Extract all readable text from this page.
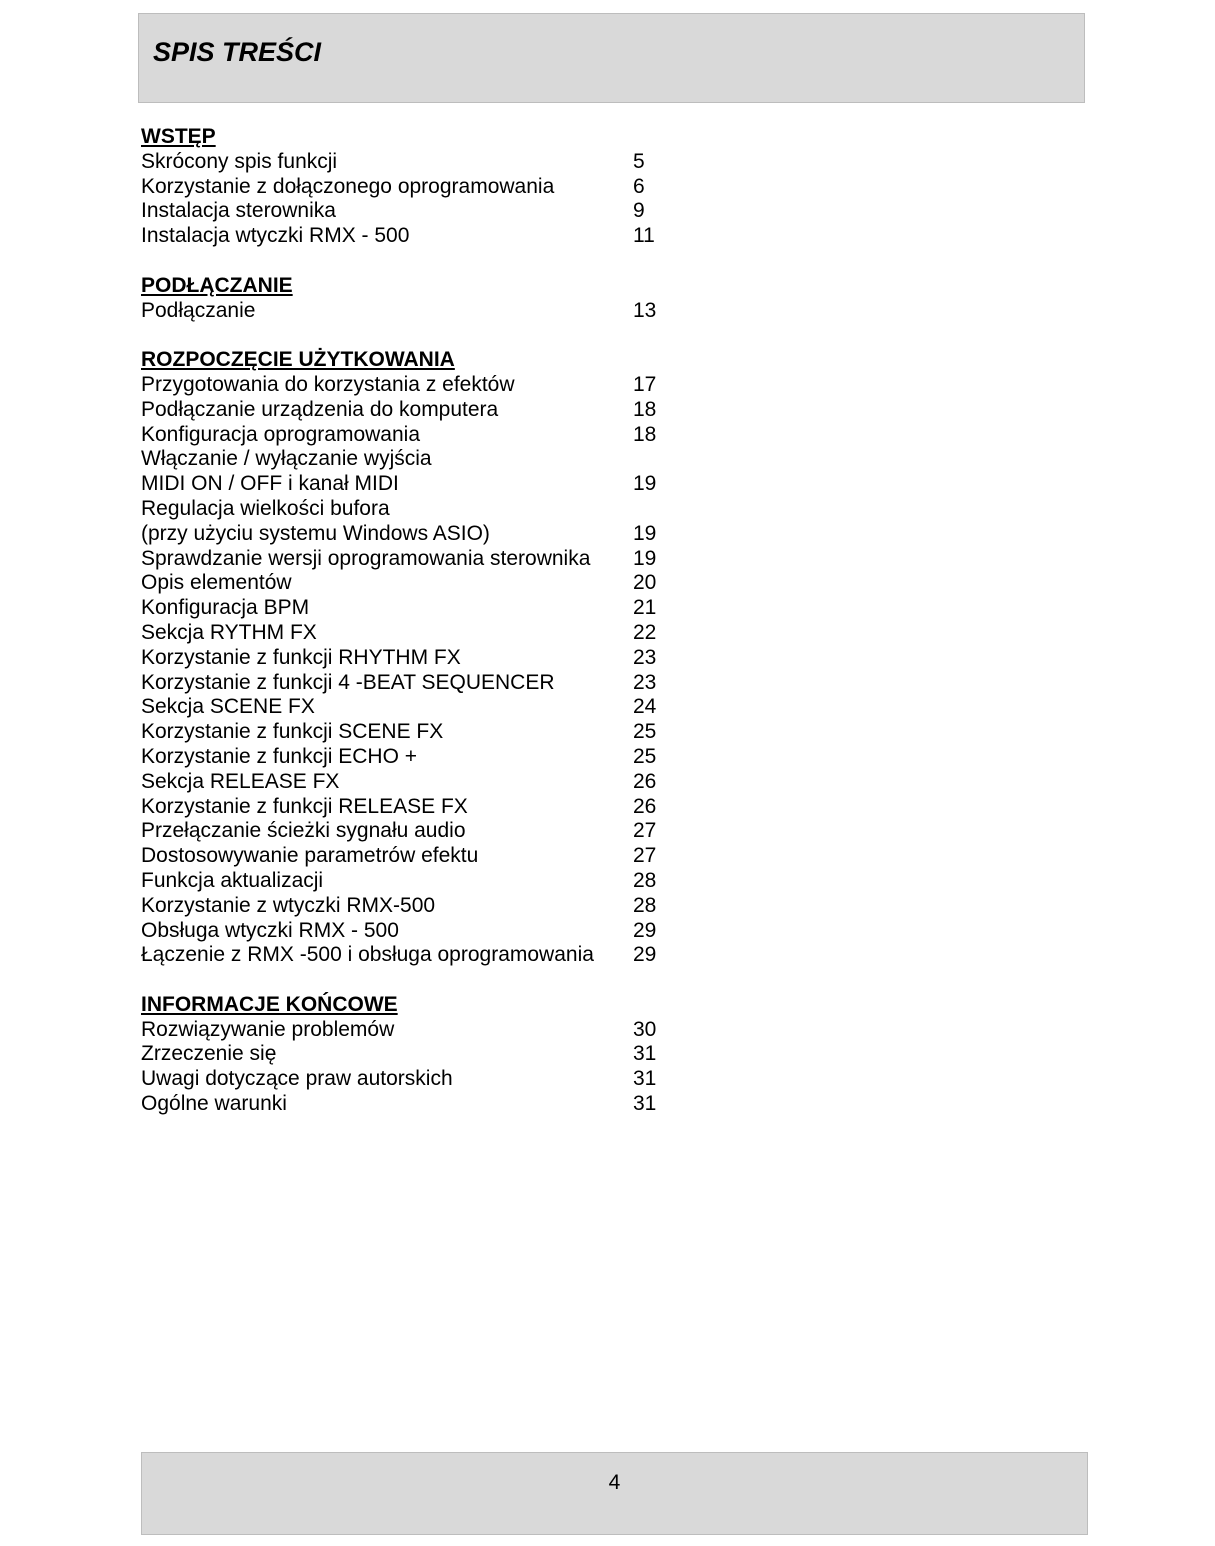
SPIS TREŚCI
WSTĘP
Skrócony spis funkcji	5
Korzystanie z dołączonego oprogramowania	6
Instalacja sterownika	9
Instalacja wtyczki RMX - 500	11
PODŁĄCZANIE
Podłączanie	13
ROZPOCZĘCIE UŻYTKOWANIA
Przygotowania do korzystania z efektów	17
Podłączanie urządzenia do komputera	18
Konfiguracja oprogramowania	18
Włączanie / wyłączanie wyjścia
MIDI ON / OFF i kanał MIDI	19
Regulacja wielkości bufora
(przy użyciu systemu Windows ASIO)	19
Sprawdzanie wersji oprogramowania sterownika 19
Opis elementów	20
Konfiguracja BPM	21
Sekcja RYTHM FX	22
Korzystanie z funkcji RHYTHM FX	23
Korzystanie z funkcji 4 -BEAT SEQUENCER	23
Sekcja SCENE FX	24
Korzystanie z funkcji SCENE FX	25
Korzystanie z funkcji ECHO +	25
Sekcja RELEASE FX	26
Korzystanie z funkcji RELEASE FX	26
Przełączanie ścieżki sygnału audio	27
Dostosowywanie parametrów efektu	27
Funkcja aktualizacji	28
Korzystanie z wtyczki RMX-500	28
Obsługa wtyczki RMX - 500	29
Łączenie z RMX -500 i obsługa oprogramowania 29
INFORMACJE KOŃCOWE
Rozwiązywanie problemów	30
Zrzeczenie się	31
Uwagi dotyczące praw autorskich	31
Ogólne warunki	31
4
